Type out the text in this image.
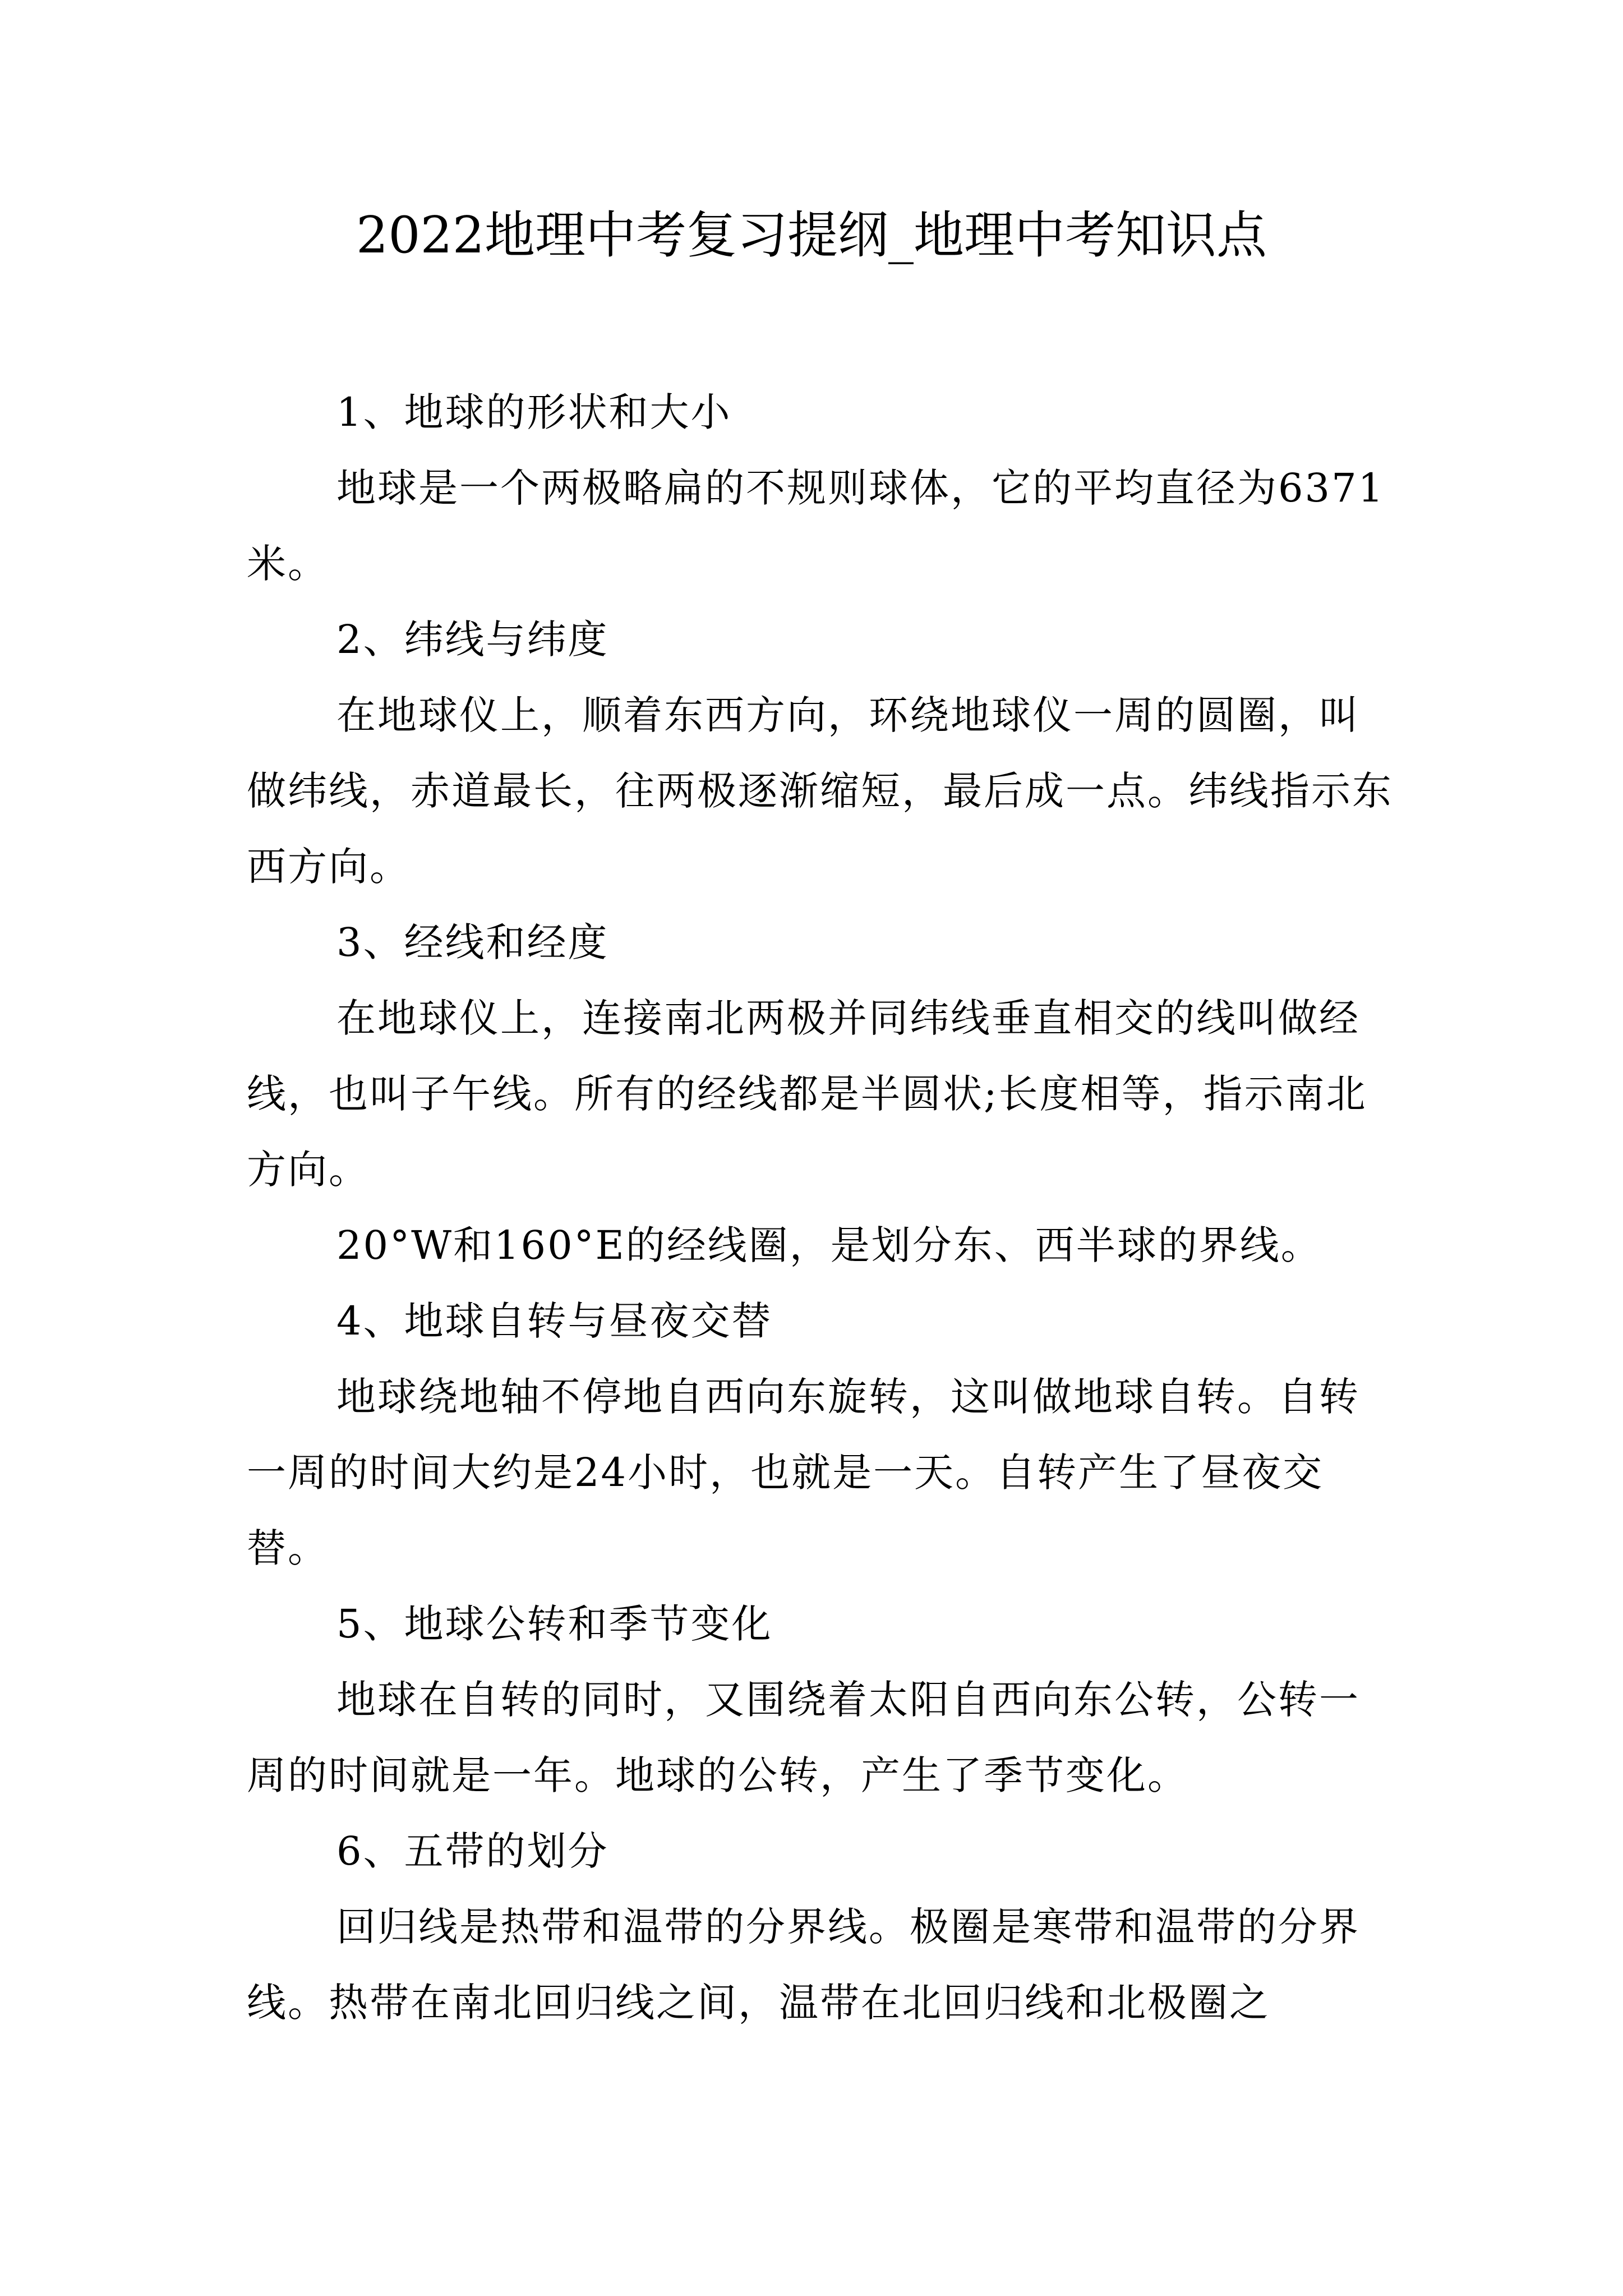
2022地理中考复习提纲_地理中考知识点

1、地球的形状和大小

地球是一个两极略扁的不规则球体，它的平均直径为6371米。

2、纬线与纬度

在地球仪上，顺着东西方向，环绕地球仪一周的圆圈，叫做纬线，赤道最长，往两极逐渐缩短，最后成一点。纬线指示东西方向。

3、经线和经度

在地球仪上，连接南北两极并同纬线垂直相交的线叫做经线，也叫子午线。所有的经线都是半圆状;长度相等，指示南北方向。

20°W和160°E的经线圈，是划分东、西半球的界线。

4、地球自转与昼夜交替

地球绕地轴不停地自西向东旋转，这叫做地球自转。自转一周的时间大约是24小时，也就是一天。自转产生了昼夜交替。

5、地球公转和季节变化

地球在自转的同时，又围绕着太阳自西向东公转，公转一周的时间就是一年。地球的公转，产生了季节变化。

6、五带的划分

回归线是热带和温带的分界线。极圈是寒带和温带的分界线。热带在南北回归线之间，温带在北回归线和北极圈之
